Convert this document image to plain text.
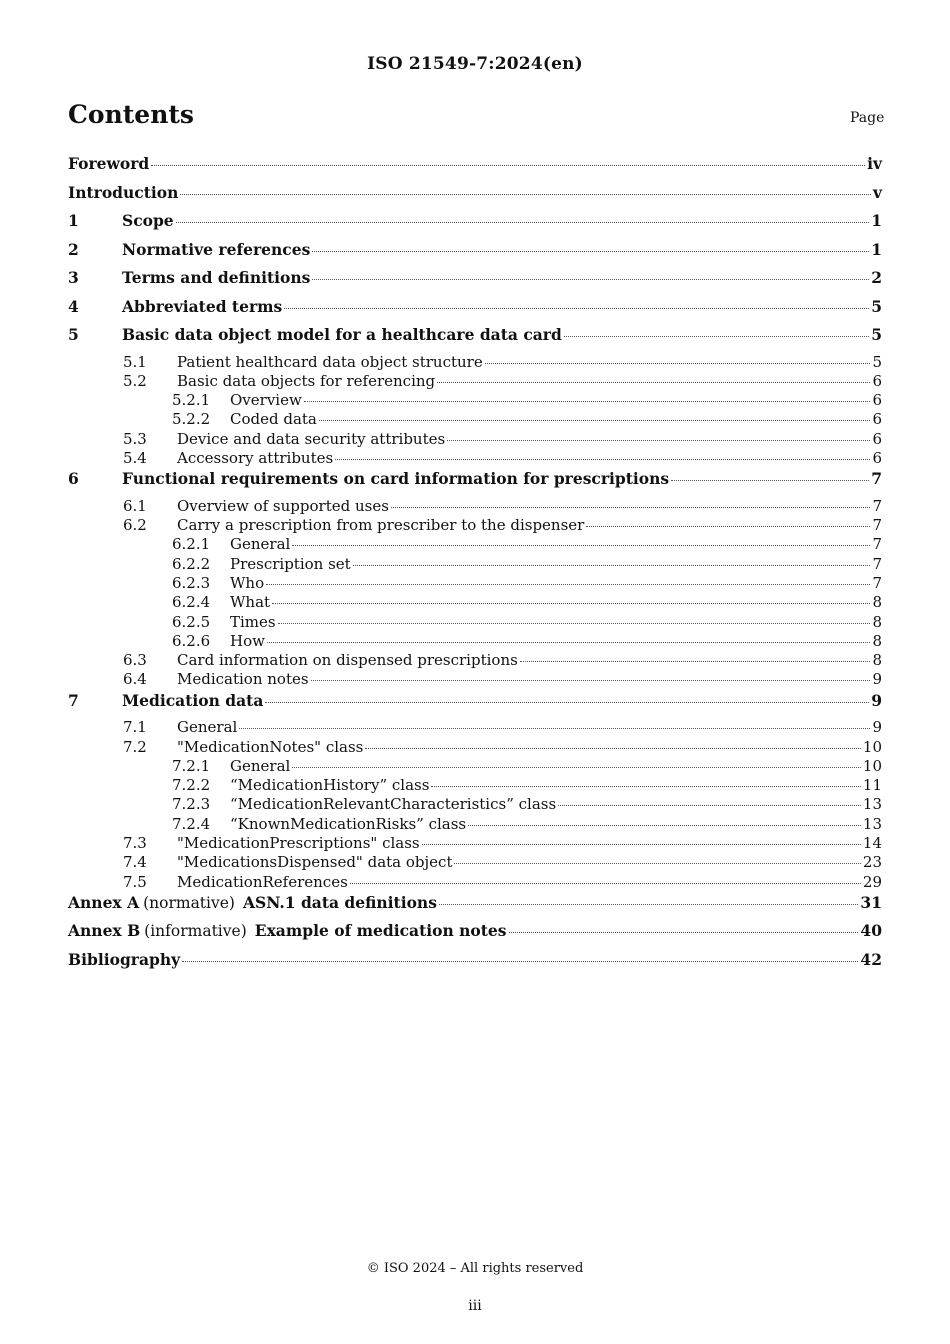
ISO 21549-7:2024(en)
Contents	Page
Foreword	iv
Introduction	v
1	Scope	1
2	Normative references	1
3	Terms and definitions	2
4	Abbreviated terms	5
5	Basic data object model for a healthcare data card	5
5.1	Patient healthcard data object structure	5
5.2	Basic data objects for referencing	6
5.2.1	Overview	6
5.2.2	Coded data	6
5.3	Device and data security attributes	6
5.4	Accessory attributes	6
6	Functional requirements on card information for prescriptions	7
6.1	Overview of supported uses	7
6.2	Carry a prescription from prescriber to the dispenser	7
6.2.1	General	7
6.2.2	Prescription set	7
6.2.3	Who	7
6.2.4	What	8
6.2.5	Times	8
6.2.6	How	8
6.3	Card information on dispensed prescriptions	8
6.4	Medication notes	9
7	Medication data	9
7.1	General	9
7.2	"MedicationNotes" class	10
7.2.1	General	10
7.2.2	“MedicationHistory” class	11
7.2.3	“MedicationRelevantCharacteristics” class	13
7.2.4	“KnownMedicationRisks” class	13
7.3	"MedicationPrescriptions" class	14
7.4	"MedicationsDispensed" data object	23
7.5	MedicationReferences	29
Annex A (normative) ASN.1 data definitions	31
Annex B (informative) Example of medication notes	40
Bibliography	42
© ISO 2024 – All rights reserved
iii
